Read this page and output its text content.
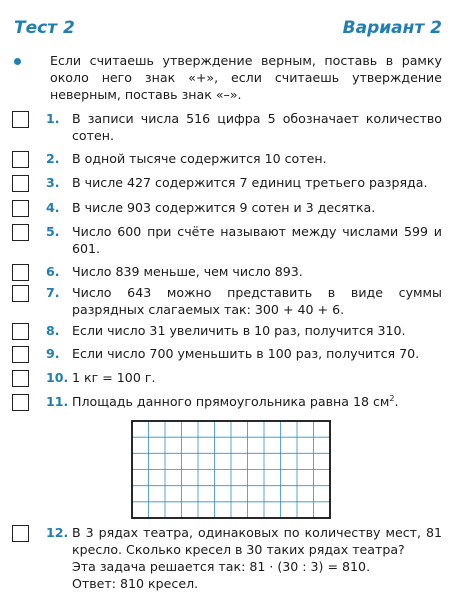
Тест 2	Вариант 2
Если считаешь утверждение верным, поставь в рамку около него знак «+», если считаешь утверждение неверным, поставь знак «–».
1. В записи числа 516 цифра 5 обозначает количество сотен.
2. В одной тысяче содержится 10 сотен.
3. В числе 427 содержится 7 единиц третьего разряда.
4. В числе 903 содержится 9 сотен и 3 десятка.
5. Число 600 при счёте называют между числами 599 и 601.
6. Число 839 меньше, чем число 893.
7. Число 643 можно представить в виде суммы разрядных слагаемых так: 300 + 40 + 6.
8. Если число 31 увеличить в 10 раз, получится 310.
9. Если число 700 уменьшить в 100 раз, получится 70.
10. 1 кг = 100 г.
11. Площадь данного прямоугольника равна 18 $см^2$.
12. В 3 рядах театра, одинаковых по количеству мест, 81 кресло. Сколько кресел в 30 таких рядах театра?
Эта задача решается так: 81 · (30 : 3) = 810.
Ответ: 810 кресел.
